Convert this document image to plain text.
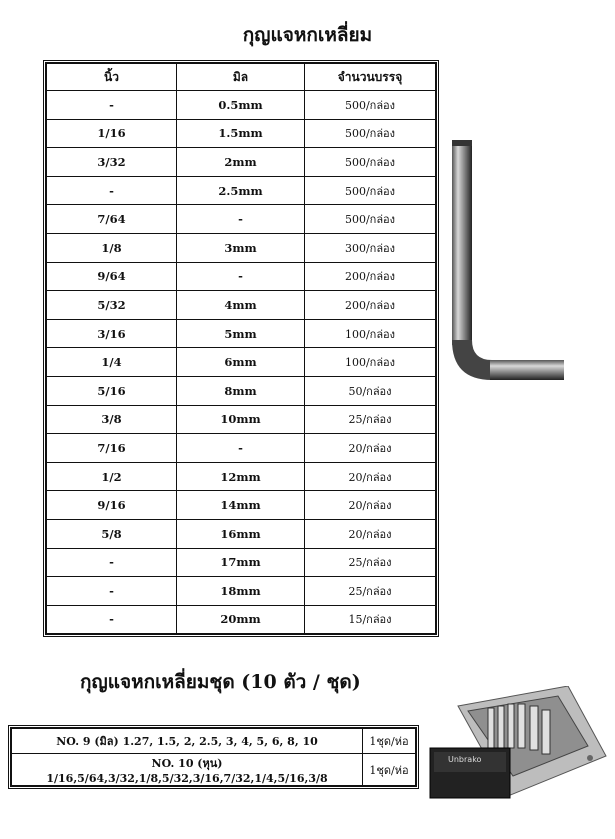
กุญแจหกเหลี่ยม
นิ้ว	มิล	จำนวนบรรจุ
-	0.5mm	500/กล่อง
1/16	1.5mm	500/กล่อง
3/32	2mm	500/กล่อง
-	2.5mm	500/กล่อง
7/64	-	500/กล่อง
1/8	3mm	300/กล่อง
9/64	-	200/กล่อง
5/32	4mm	200/กล่อง
3/16	5mm	100/กล่อง
1/4	6mm	100/กล่อง
5/16	8mm	50/กล่อง
3/8	10mm	25/กล่อง
7/16	-	20/กล่อง
1/2	12mm	20/กล่อง
9/16	14mm	20/กล่อง
5/8	16mm	20/กล่อง
-	17mm	25/กล่อง
-	18mm	25/กล่อง
-	20mm	15/กล่อง
กุญแจหกเหลี่ยมชุด (10 ตัว / ชุด)
NO. 9 (มิล) 1.27, 1.5, 2, 2.5, 3, 4, 5, 6, 8, 10	1ชุด/ห่อ
NO. 10 (หุน) 1/16,5/64,3/32,1/8,5/32,3/16,7/32,1/4,5/16,3/8	1ชุด/ห่อ
Unbrako
